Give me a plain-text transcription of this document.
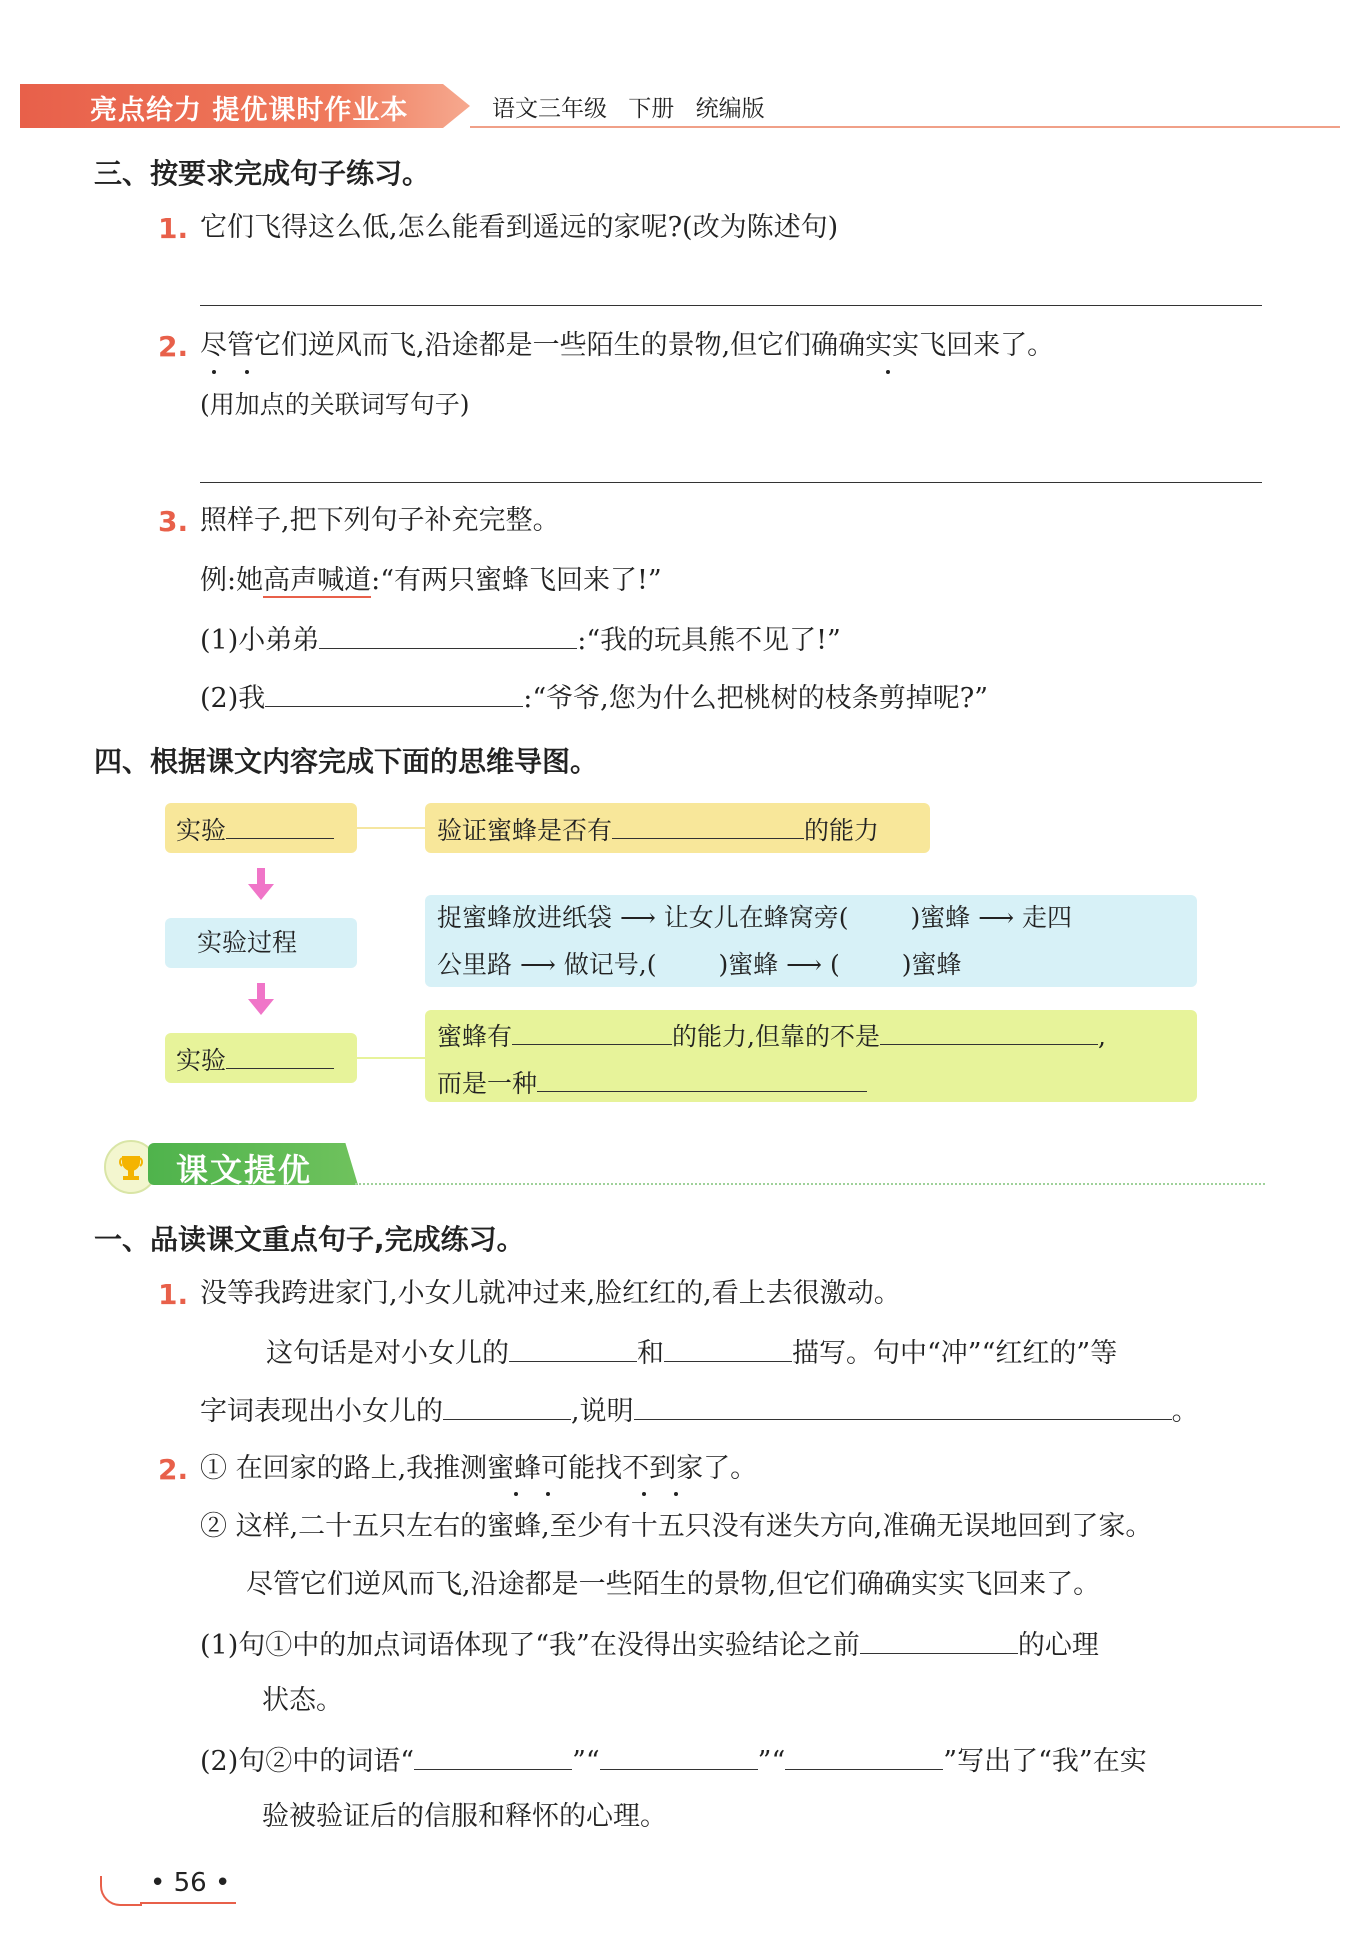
亮点给力 提优课时作业本	语文三年级 下册 统编版
三、按要求完成句子练习。
1. 它们飞得这么低,怎么能看到遥远的家呢?(改为陈述句)
2. 尽管它们逆风而飞,沿途都是一些陌生的景物,但它们确确实实飞回来了。
(用加点的关联词写句子)
3. 照样子,把下列句子补充完整。
例:她高声喊道:“有两只蜜蜂飞回来了!”
(1)小弟弟	:“我的玩具熊不见了!”
(2)我	:“爷爷,您为什么把桃树的枝条剪掉呢?”
四、根据课文内容完成下面的思维导图。
实验	验证蜜蜂是否有	的能力
实验过程
捉蜜蜂放进纸袋 ⟶ 让女儿在蜂窝旁( )蜜蜂 ⟶ 走四
公里路 ⟶ 做记号,( )蜜蜂 ⟶ ( )蜜蜂
实验
蜜蜂有	的能力,但靠的不是	,
而是一种
课文提优
一、品读课文重点句子,完成练习。
1. 没等我跨进家门,小女儿就冲过来,脸红红的,看上去很激动。
这句话是对小女儿的	和	描写。句中“冲”“红红的”等
字词表现出小女儿的	,说明	。
2. ① 在回家的路上,我推测蜜蜂可能找不到家了。
② 这样,二十五只左右的蜜蜂,至少有十五只没有迷失方向,准确无误地回到了家。
尽管它们逆风而飞,沿途都是一些陌生的景物,但它们确确实实飞回来了。
(1)句①中的加点词语体现了“我”在没得出实验结论之前	的心理
状态。
(2)句②中的词语“	”“	”“	”写出了“我”在实
验被验证后的信服和释怀的心理。
• 56 •
